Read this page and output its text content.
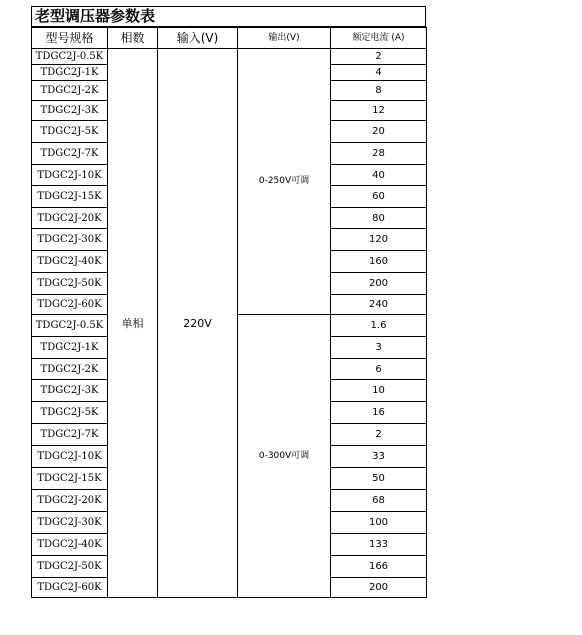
老型调压器参数表
型号规格	相数	输入(V)	输出(V)	额定电流 (A)
TDGC2J-0.5K	单相	220V	0-250V可调	2
TDGC2J-1K				4
TDGC2J-2K				8
TDGC2J-3K				12
TDGC2J-5K				20
TDGC2J-7K				28
TDGC2J-10K				40
TDGC2J-15K				60
TDGC2J-20K				80
TDGC2J-30K				120
TDGC2J-40K				160
TDGC2J-50K				200
TDGC2J-60K				240
TDGC2J-0.5K			0-300V可调	1.6
TDGC2J-1K				3
TDGC2J-2K				6
TDGC2J-3K				10
TDGC2J-5K				16
TDGC2J-7K				2
TDGC2J-10K				33
TDGC2J-15K				50
TDGC2J-20K				68
TDGC2J-30K				100
TDGC2J-40K				133
TDGC2J-50K				166
TDGC2J-60K				200
